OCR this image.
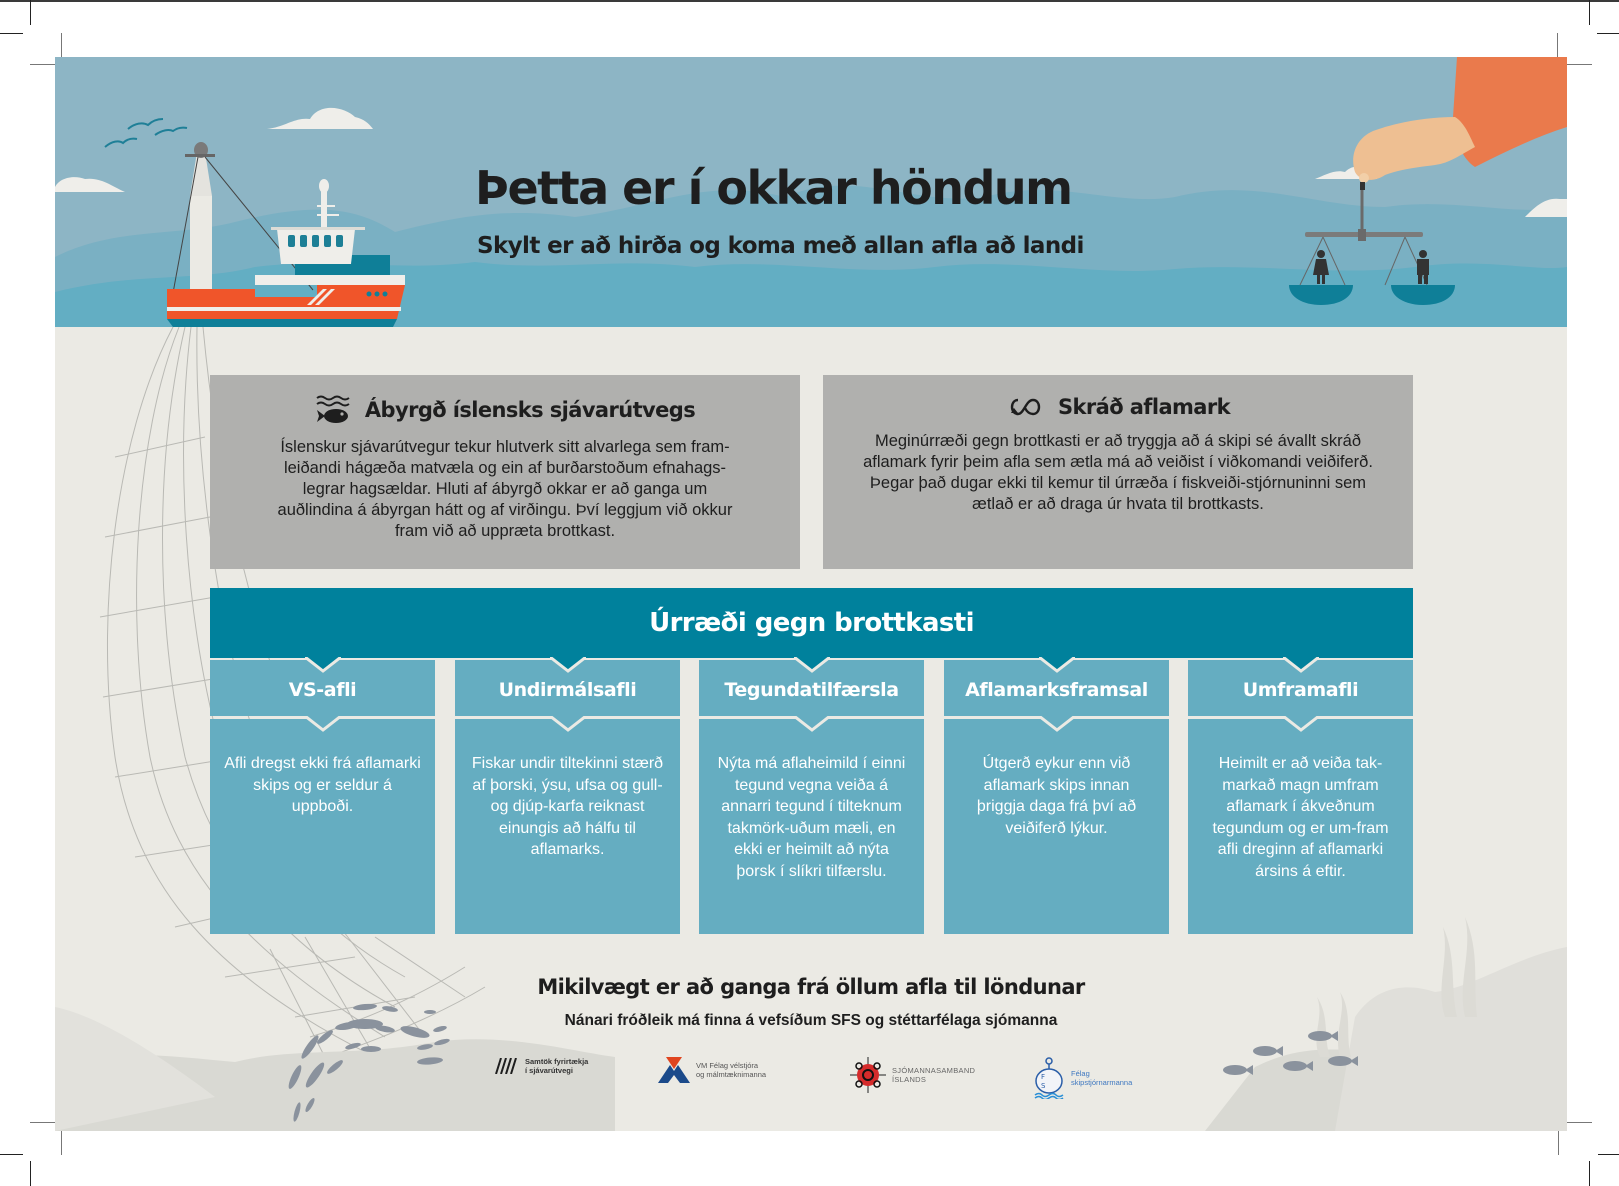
Þetta er í okkar höndum
Skylt er að hirða og koma með allan afla að landi
Ábyrgð íslensks sjávarútvegs
Íslenskur sjávarútvegur tekur hlutverk sitt alvarlega sem fram-leiðandi hágæða matvæla og ein af burðarstoðum efnahags-legrar hagsældar. Hluti af ábyrgð okkar er að ganga um auðlindina á ábyrgan hátt og af virðingu. Því leggjum við okkur fram við að uppræta brottkast.
Skráð aflamark
Meginúrræði gegn brottkasti er að tryggja að á skipi sé ávallt skráð aflamark fyrir þeim afla sem ætla má að veiðist í viðkomandi veiðiferð. Þegar það dugar ekki til kemur til úrræða í fiskveiði-stjórnuninni sem ætlað er að draga úr hvata til brottkasts.
Úrræði gegn brottkasti
VS-afli
Afli dregst ekki frá aflamarki skips og er seldur á uppboði.
Undirmálsafli
Fiskar undir tiltekinni stærð af þorski, ýsu, ufsa og gull- og djúp-karfa reiknast einungis að hálfu til aflamarks.
Tegundatilfærsla
Nýta má aflaheimild í einni tegund vegna veiða á annarri tegund í tilteknum takmörk-uðum mæli, en ekki er heimilt að nýta þorsk í slíkri tilfærslu.
Aflamarksframsal
Útgerð eykur enn við aflamark skips innan þriggja daga frá því að veiðiferð lýkur.
Umframafli
Heimilt er að veiða tak-markað magn umfram aflamark í ákveðnum tegundum og er um-fram afli dreginn af aflamarki ársins á eftir.
Mikilvægt er að ganga frá öllum afla til löndunar
Nánari fróðleik má finna á vefsíðum SFS og stéttarfélaga sjómanna
Samtök fyrirtækja
í sjávarútvegi
VM Félag vélstjóra
og málmtæknimanna	SJÓMANNASAMBAND
ÍSLANDS	F
S
Félag
skipstjórnarmanna
